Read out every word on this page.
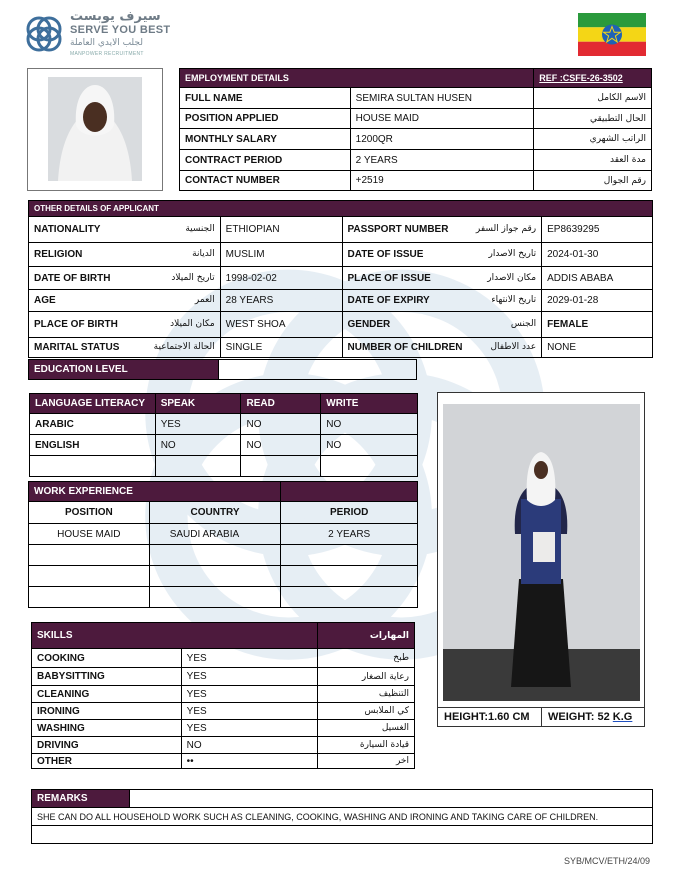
سيرف يوبست
SERVE YOU BEST
لجلب الايدي العاملة
MANPOWER RECRUITMENT
EMPLOYMENT DETAILS		REF :CSFE-26-3502
FULL NAME	SEMIRA SULTAN HUSEN	الاسم الكامل
POSITION APPLIED	HOUSE MAID	الحال التطبيقي
MONTHLY SALARY	1200QR	الراتب الشهري
CONTRACT PERIOD	2 YEARS	مدة العقد
CONTACT NUMBER	+2519	رقم الجوال
OTHER DETAILS OF APPLICANT			

NATIONALITY الجنسية	ETHIOPIAN	PASSPORT NUMBER رقم جواز السفر	EP8639295

RELIGION الديانة	MUSLIM	DATE OF ISSUE تاريخ الاصدار	2024-01-30

DATE OF BIRTH تاريخ الميلاد	1998-02-02	PLACE OF ISSUE مكان الاصدار	ADDIS ABABA

AGE العمر	28 YEARS	DATE OF EXPIRY تاريخ الانتهاء	2029-01-28

PLACE OF BIRTH مكان الميلاد	WEST SHOA	GENDER الجنس	FEMALE

MARITAL STATUS الحالة الاجتماعية	SINGLE	NUMBER OF CHILDREN عدد الاطفال	NONE
EDUCATION LEVEL	
LANGUAGE LITERACY	SPEAK	READ	WRITE
ARABIC	YES	NO	NO
ENGLISH	NO	NO	NO

WORK EXPERIENCE		
POSITION	COUNTRY	PERIOD
HOUSE MAID	SAUDI ARABIA	2 YEARS

SKILLS		المهارات
COOKING	YES	طبخ
BABYSITTING	YES	رعاية الصغار
CLEANING	YES	التنظيف
IRONING	YES	كي الملابس
WASHING	YES	الغسيل
DRIVING	NO	قيادة السيارة
OTHER	••	اخر
HEIGHT:1.60 CM	WEIGHT: 52 K.G
REMARKS	
SHE CAN DO ALL HOUSEHOLD WORK SUCH AS CLEANING, COOKING, WASHING AND IRONING AND TAKING CARE OF CHILDREN.

SYB/MCV/ETH/24/09
